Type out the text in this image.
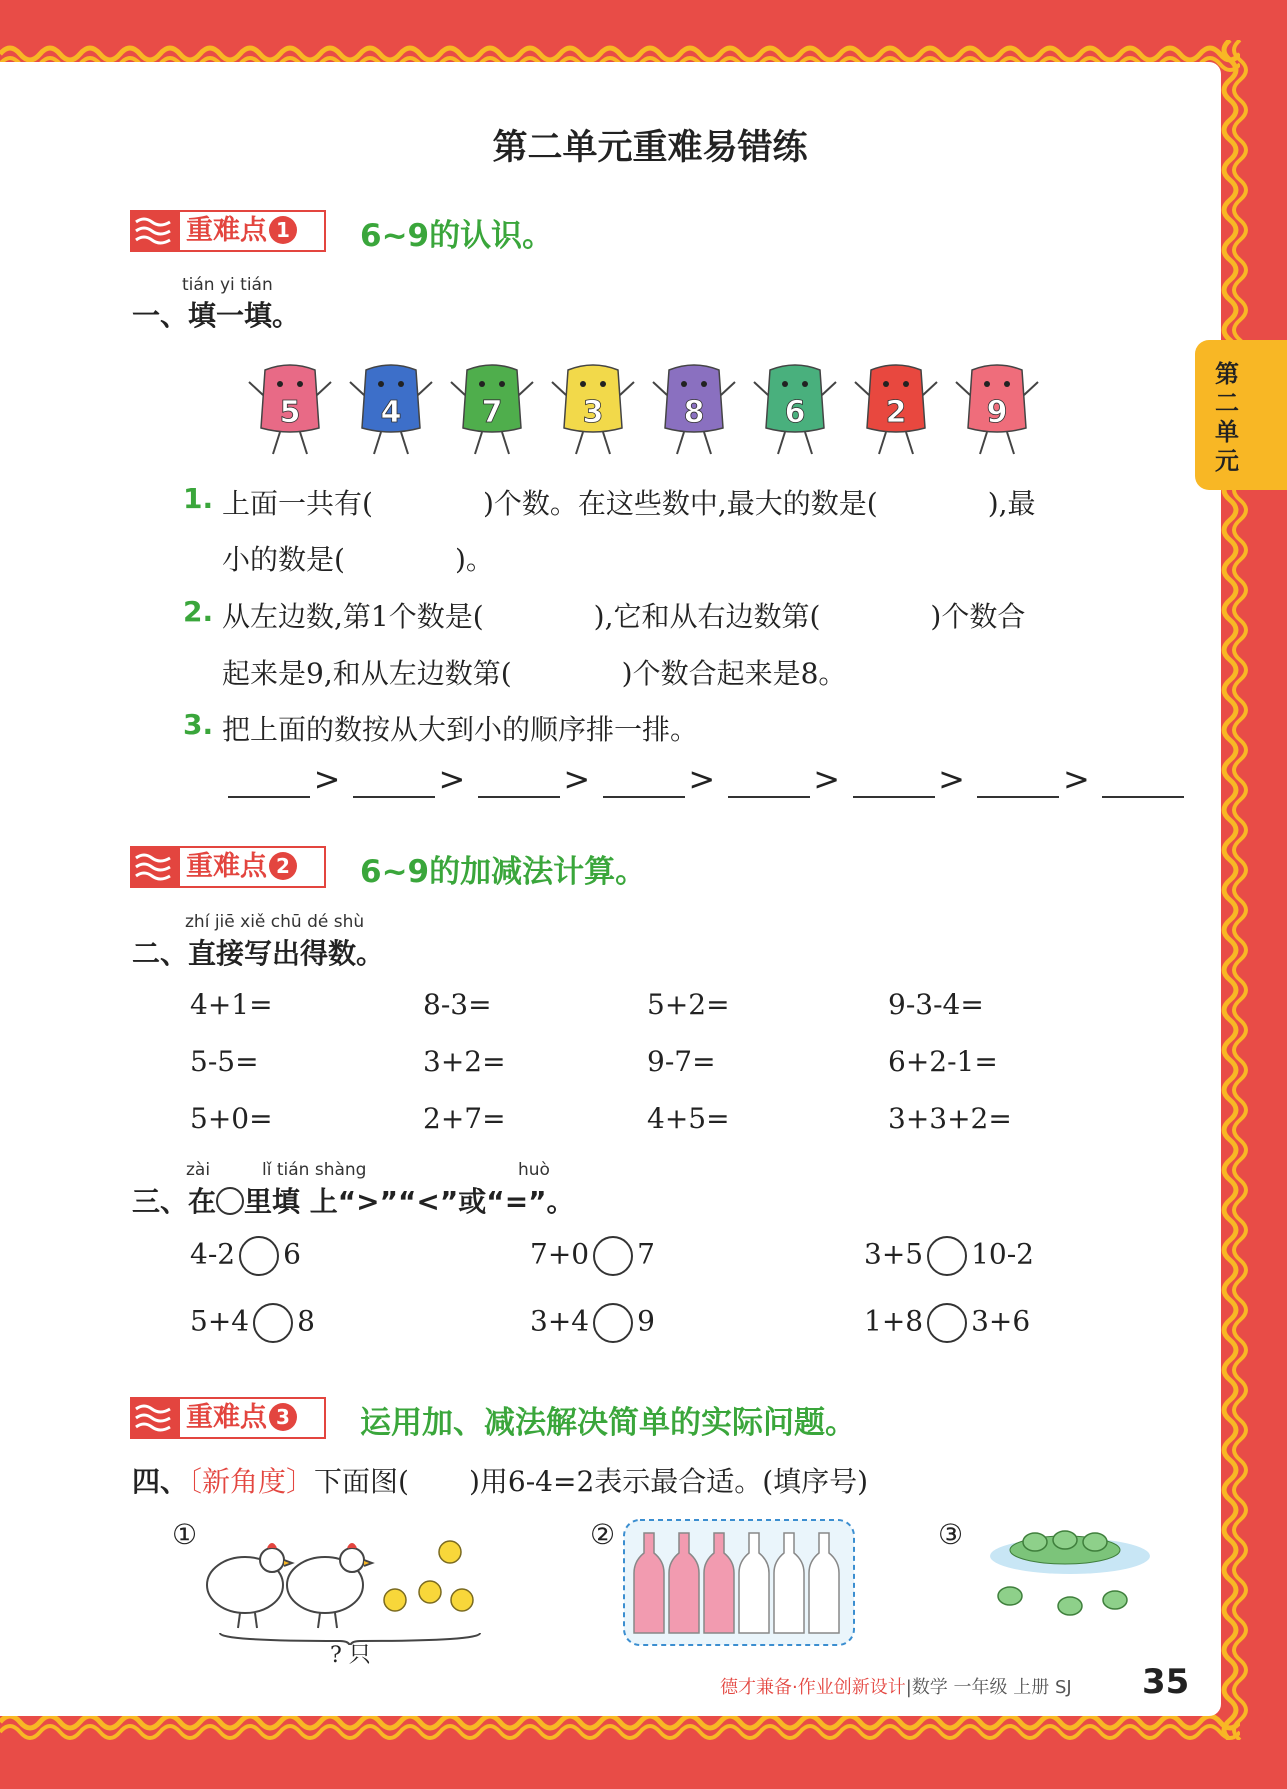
第二单元
第二单元重难易错练
重难点 1	6~9的认识。
tián yi tián
一、填一填。
5	4	7	3	8	6	2	9
1. 上面一共有(	)个数。在这些数中,最大的数是(	),最
小的数是(	)。
2. 从左边数,第1个数是(	),它和从右边数第(	)个数合
起来是9,和从左边数第(	)个数合起来是8。
3. 把上面的数按从大到小的顺序排一排。
>	>	>	>	>	>	>
重难点 2	6~9的加减法计算。
zhí jiē xiě chū dé shù
二、直接写出得数。
4+1=	8-3=	5+2=	9-3-4=
5-5=	3+2=	9-7=	6+2-1=
5+0=	2+7=	4+5=	3+3+2=
zài	lǐ tián shàng	huò
三、在 里填 上“>”“<”或“=”。
4-2 6	7+0 7	3+5 10-2
5+4 8	3+4 9	1+8 3+6
重难点 3	运用加、减法解决简单的实际问题。
四、〔新角度〕下面图( )用6-4=2表示最合适。(填序号)
①
? 只
②	③
德才兼备·作业创新设计|数学 一年级 上册 SJ 35
